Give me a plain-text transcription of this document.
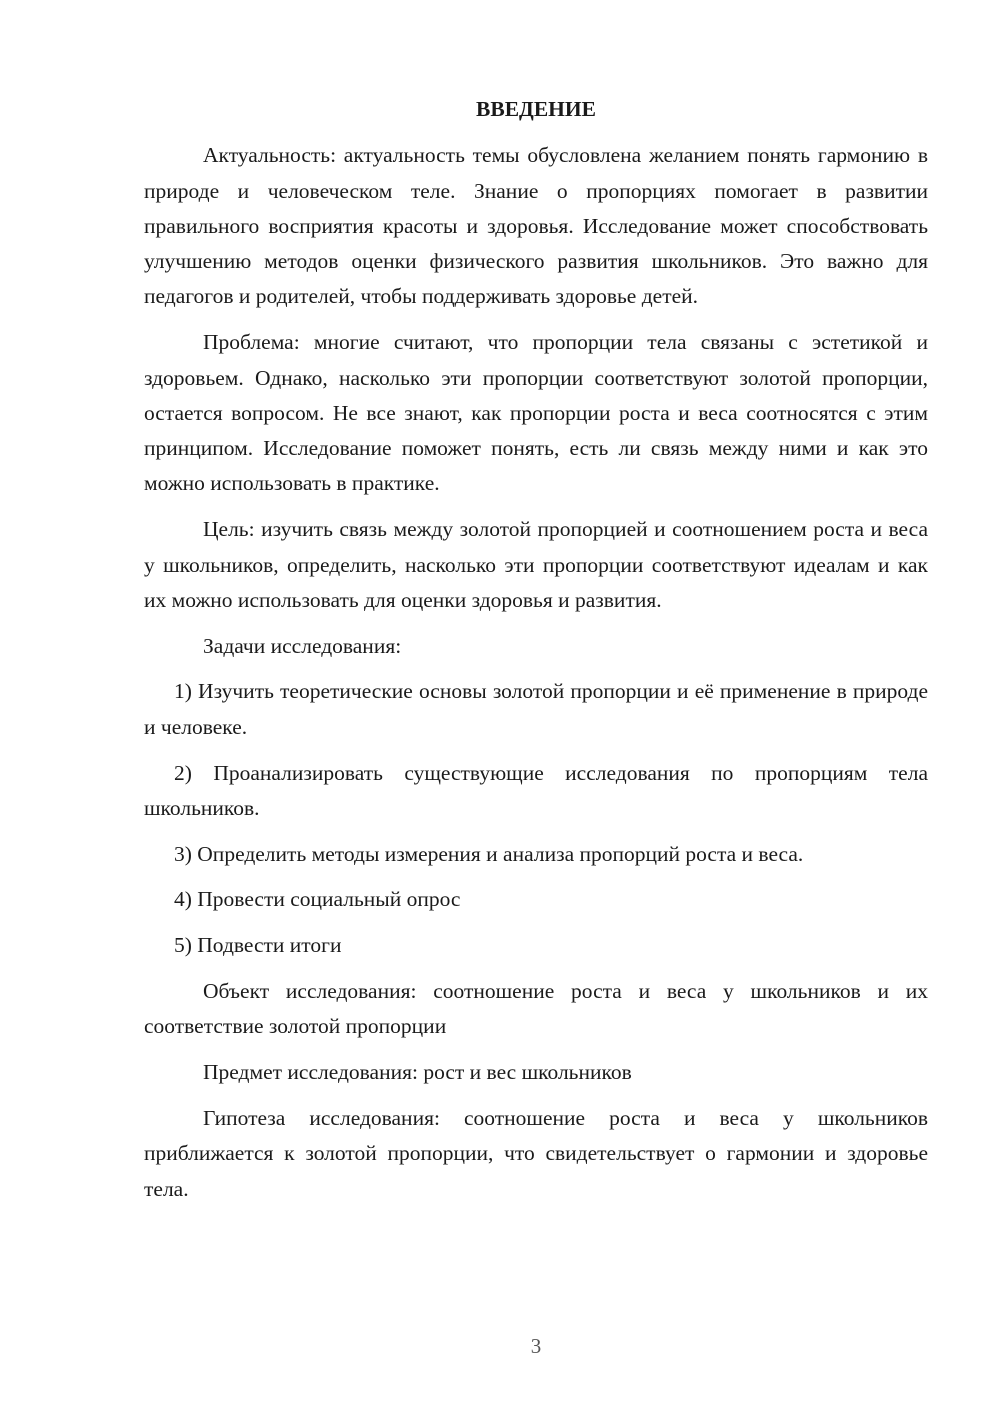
ВВЕДЕНИЕ

Актуальность: актуальность темы обусловлена желанием понять гармонию в природе и человеческом теле. Знание о пропорциях помогает в развитии правильного восприятия красоты и здоровья. Исследование может способствовать улучшению методов оценки физического развития школьников. Это важно для педагогов и родителей, чтобы поддерживать здоровье детей.

Проблема: многие считают, что пропорции тела связаны с эстетикой и здоровьем. Однако, насколько эти пропорции соответствуют золотой пропорции, остается вопросом. Не все знают, как пропорции роста и веса соотносятся с этим принципом. Исследование поможет понять, есть ли связь между ними и как это можно использовать в практике.

Цель: изучить связь между золотой пропорцией и соотношением роста и веса у школьников, определить, насколько эти пропорции соответствуют идеалам и как их можно использовать для оценки здоровья и развития.

Задачи исследования:

1) Изучить теоретические основы золотой пропорции и её применение в природе и человеке.

2) Проанализировать существующие исследования по пропорциям тела школьников.

3) Определить методы измерения и анализа пропорций роста и веса.

4) Провести социальный опрос

5) Подвести итоги

Объект исследования: соотношение роста и веса у школьников и их соответствие золотой пропорции

Предмет исследования: рост и вес школьников

Гипотеза исследования: соотношение роста и веса у школьников приближается к золотой пропорции, что свидетельствует о гармонии и здоровье тела.

3
